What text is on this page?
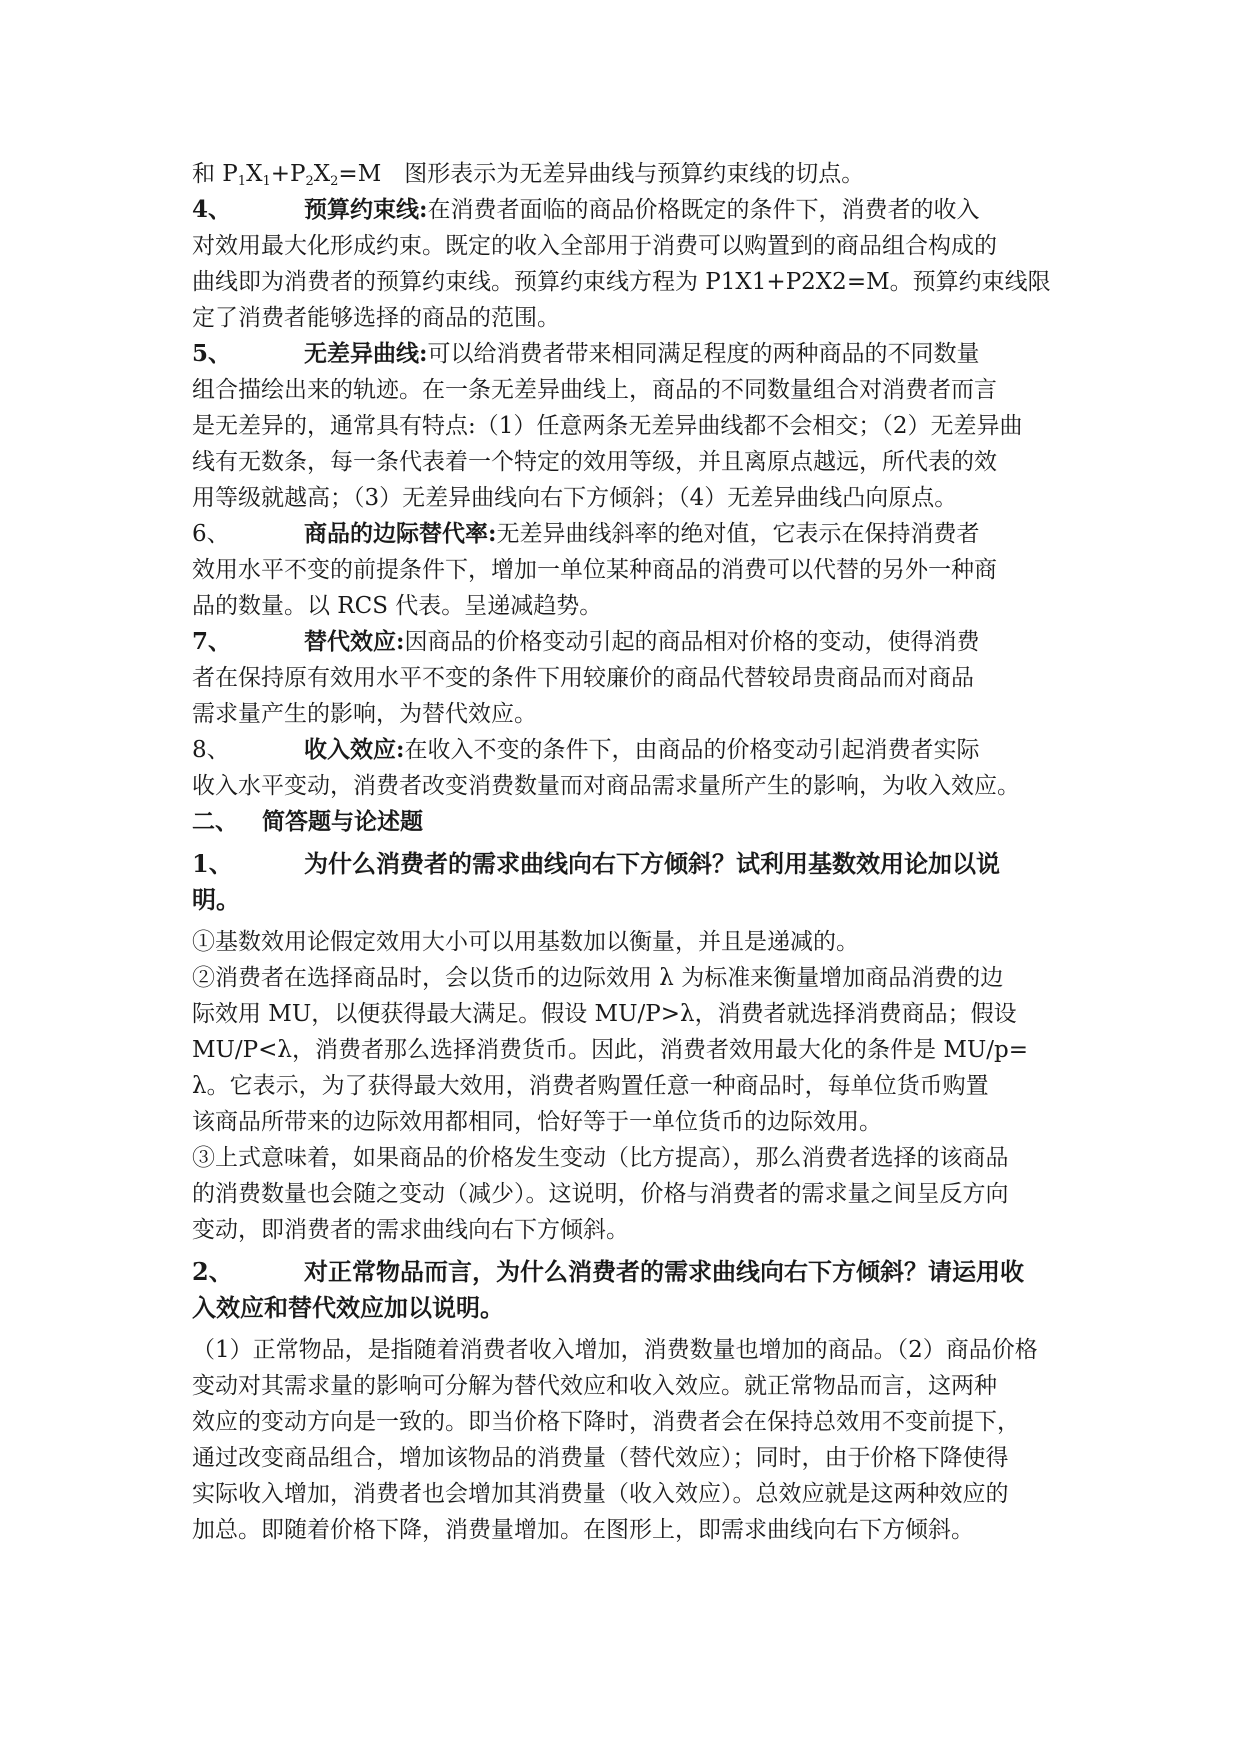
和 $P_1X_1+P_2X_2=M$　图形表示为无差异曲线与预算约束线的切点。
4、	预算约束线:在消费者面临的商品价格既定的条件下，消费者的收入
对效用最大化形成约束。既定的收入全部用于消费可以购置到的商品组合构成的
曲线即为消费者的预算约束线。预算约束线方程为 P1X1+P2X2=M。预算约束线限
定了消费者能够选择的商品的范围。
5、	无差异曲线:可以给消费者带来相同满足程度的两种商品的不同数量
组合描绘出来的轨迹。在一条无差异曲线上，商品的不同数量组合对消费者而言
是无差异的，通常具有特点:（1）任意两条无差异曲线都不会相交；（2）无差异曲
线有无数条，每一条代表着一个特定的效用等级，并且离原点越远，所代表的效
用等级就越高；（3）无差异曲线向右下方倾斜；（4）无差异曲线凸向原点。
6、	商品的边际替代率:无差异曲线斜率的绝对值，它表示在保持消费者
效用水平不变的前提条件下，增加一单位某种商品的消费可以代替的另外一种商
品的数量。以 RCS 代表。呈递减趋势。
7、	替代效应:因商品的价格变动引起的商品相对价格的变动，使得消费
者在保持原有效用水平不变的条件下用较廉价的商品代替较昂贵商品而对商品
需求量产生的影响，为替代效应。
8、	收入效应:在收入不变的条件下，由商品的价格变动引起消费者实际
收入水平变动，消费者改变消费数量而对商品需求量所产生的影响，为收入效应。
二、 简答题与论述题
1、	为什么消费者的需求曲线向右下方倾斜？试利用基数效用论加以说
明。
①基数效用论假定效用大小可以用基数加以衡量，并且是递减的。
②消费者在选择商品时，会以货币的边际效用 λ 为标准来衡量增加商品消费的边
际效用 MU，以便获得最大满足。假设 MU/P>λ，消费者就选择消费商品；假设
MU/P<λ，消费者那么选择消费货币。因此，消费者效用最大化的条件是 MU/p=
λ。它表示，为了获得最大效用，消费者购置任意一种商品时，每单位货币购置
该商品所带来的边际效用都相同，恰好等于一单位货币的边际效用。
③上式意味着，如果商品的价格发生变动（比方提高），那么消费者选择的该商品
的消费数量也会随之变动（减少）。这说明，价格与消费者的需求量之间呈反方向
变动，即消费者的需求曲线向右下方倾斜。
2、	对正常物品而言，为什么消费者的需求曲线向右下方倾斜？请运用收
入效应和替代效应加以说明。
（1）正常物品，是指随着消费者收入增加，消费数量也增加的商品。（2）商品价格
变动对其需求量的影响可分解为替代效应和收入效应。就正常物品而言，这两种
效应的变动方向是一致的。即当价格下降时，消费者会在保持总效用不变前提下，
通过改变商品组合，增加该物品的消费量（替代效应）；同时，由于价格下降使得
实际收入增加，消费者也会增加其消费量（收入效应）。总效应就是这两种效应的
加总。即随着价格下降，消费量增加。在图形上，即需求曲线向右下方倾斜。
